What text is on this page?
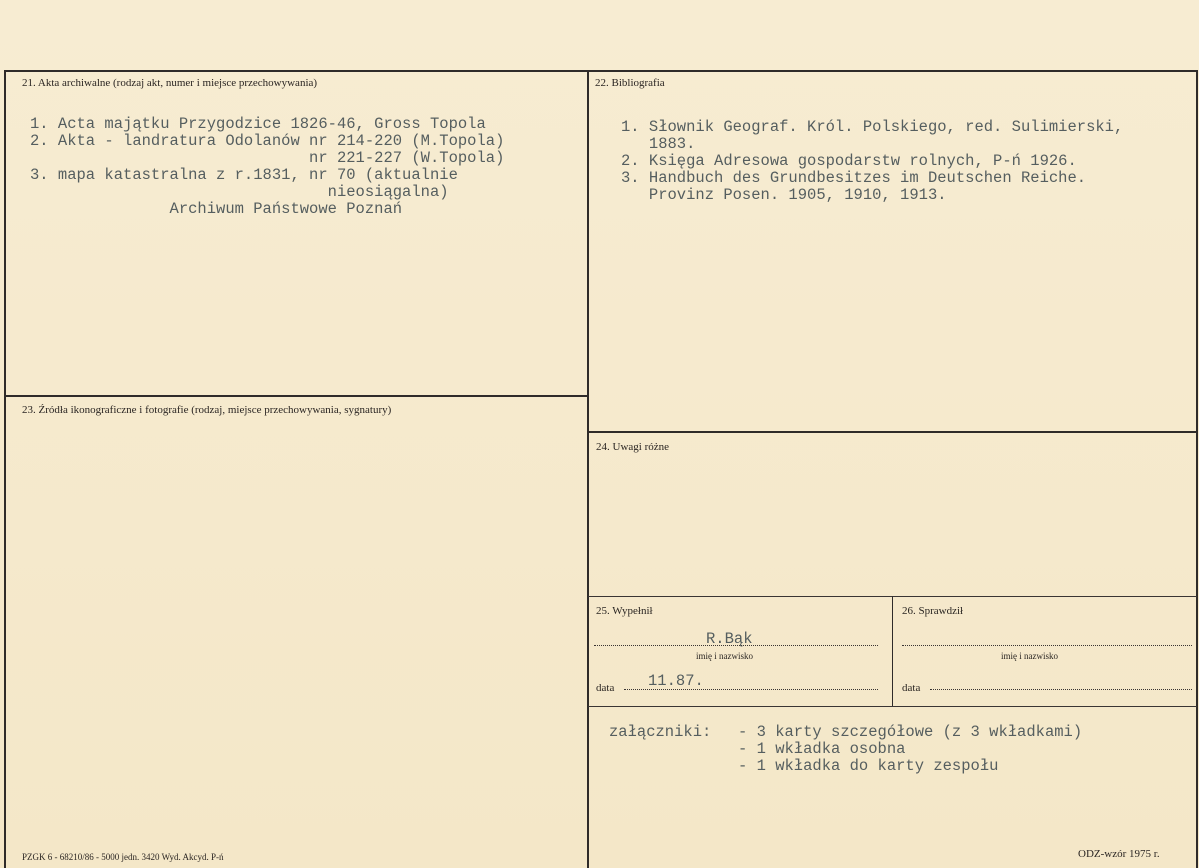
21. Akta archiwalne (rodzaj akt, numer i miejsce przechowywania)
1. Acta majątku Przygodzice 1826-46, Gross Topola
2. Akta - landratura Odolanów nr 214-220 (M.Topola)
nr 221-227 (W.Topola)
3. mapa katastralna z r.1831, nr 70 (aktualnie
nieosiągalna)
Archiwum Państwowe Poznań
22. Bibliografia
1. Słownik Geograf. Król. Polskiego, red. Sulimierski,
1883.
2. Księga Adresowa gospodarstw rolnych, P-ń 1926.
3. Handbuch des Grundbesitzes im Deutschen Reiche.
Provinz Posen. 1905, 1910, 1913.
23. Źródła ikonograficzne i fotografie (rodzaj, miejsce przechowywania, sygnatury)
24. Uwagi różne
25. Wypełnił
R.Bąk
imię i nazwisko
data 11.87.
26. Sprawdził
imię i nazwisko
data
załączniki: - 3 karty szczegółowe (z 3 wkładkami)
- 1 wkładka osobna
- 1 wkładka do karty zespołu
PZGK 6 - 68210/86 - 5000 jedn. 3420 Wyd. Akcyd. P-ń	ODZ-wzór 1975 r.
